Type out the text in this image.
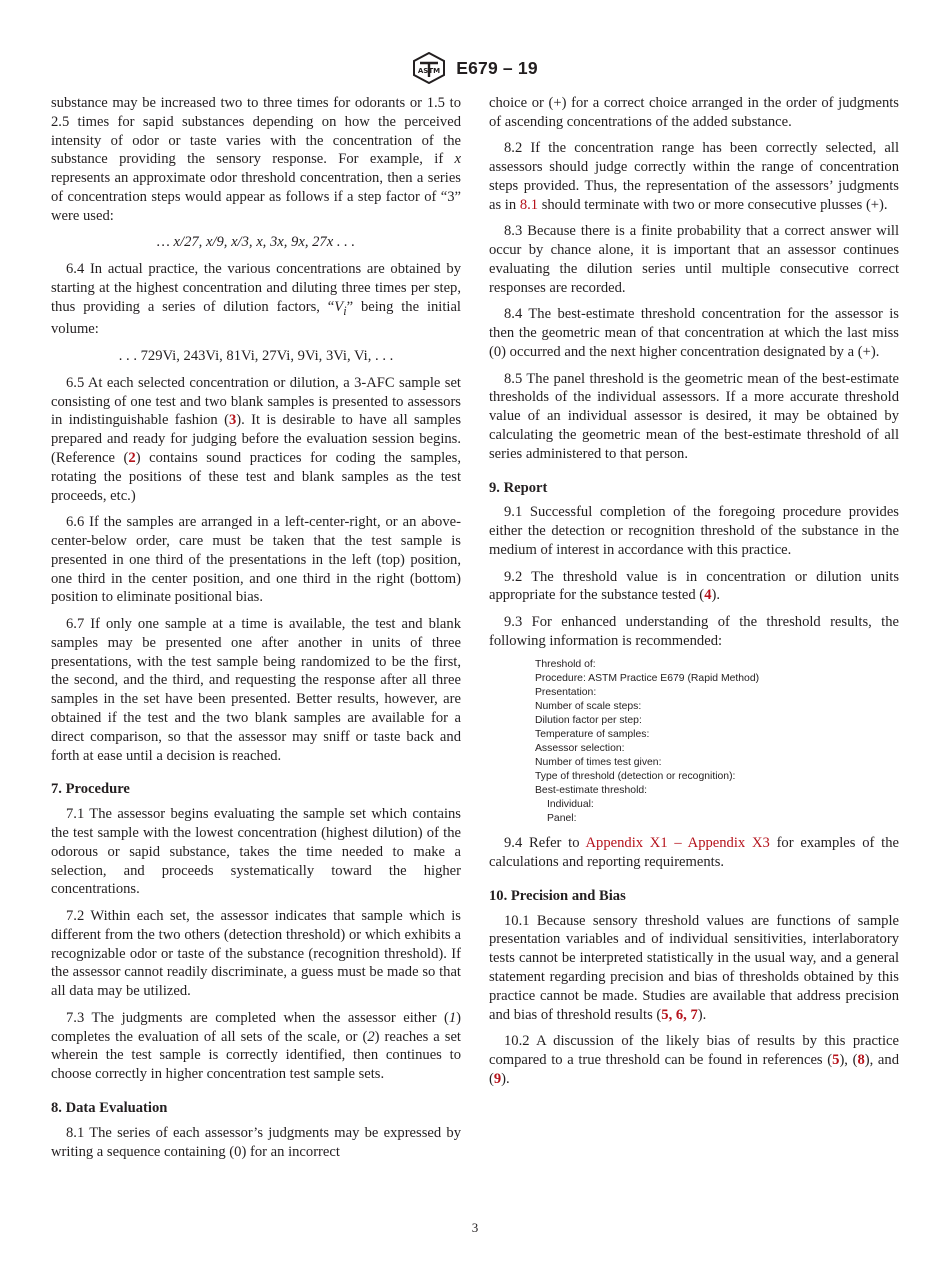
ASTM E679 – 19

substance may be increased two to three times for odorants or 1.5 to 2.5 times for sapid substances depending on how the perceived intensity of odor or taste varies with the concentration of the substance providing the sensory response. For example, if x represents an approximate odor threshold concentration, then a series of concentration steps would appear as follows if a step factor of “3” were used:

… x/27, x/9, x/3, x, 3x, 9x, 27x . . .

6.4 In actual practice, the various concentrations are obtained by starting at the highest concentration and diluting three times per step, thus providing a series of dilution factors, “$V_i$” being the initial volume:

. . . 729Vi, 243Vi, 81Vi, 27Vi, 9Vi, 3Vi, Vi, . . .

6.5 At each selected concentration or dilution, a 3-AFC sample set consisting of one test and two blank samples is presented to assessors in indistinguishable fashion (3). It is desirable to have all samples prepared and ready for judging before the evaluation session begins. (Reference (2) contains sound practices for coding the samples, rotating the positions of these test and blank samples as the test proceeds, etc.)

6.6 If the samples are arranged in a left-center-right, or an above-center-below order, care must be taken that the test sample is presented in one third of the presentations in the left (top) position, one third in the center position, and one third in the right (bottom) position to eliminate positional bias.

6.7 If only one sample at a time is available, the test and blank samples may be presented one after another in units of three presentations, with the test sample being randomized to be the first, the second, and the third, and requesting the response after all three samples in the set have been presented. Better results, however, are obtained if the test and the two blank samples are available for a direct comparison, so that the assessor may sniff or taste back and forth at ease until a decision is reached.

7. Procedure

7.1 The assessor begins evaluating the sample set which contains the test sample with the lowest concentration (highest dilution) of the odorous or sapid substance, takes the time needed to make a selection, and proceeds systematically toward the higher concentrations.

7.2 Within each set, the assessor indicates that sample which is different from the two others (detection threshold) or which exhibits a recognizable odor or taste of the substance (recognition threshold). If the assessor cannot readily discriminate, a guess must be made so that all data may be utilized.

7.3 The judgments are completed when the assessor either (1) completes the evaluation of all sets of the scale, or (2) reaches a set wherein the test sample is correctly identified, then continues to choose correctly in higher concentration test sample sets.

8. Data Evaluation

8.1 The series of each assessor’s judgments may be expressed by writing a sequence containing (0) for an incorrect

choice or (+) for a correct choice arranged in the order of judgments of ascending concentrations of the added substance.

8.2 If the concentration range has been correctly selected, all assessors should judge correctly within the range of concentration steps provided. Thus, the representation of the assessors’ judgments as in 8.1 should terminate with two or more consecutive plusses (+).

8.3 Because there is a finite probability that a correct answer will occur by chance alone, it is important that an assessor continues evaluating the dilution series until multiple consecutive correct responses are recorded.

8.4 The best-estimate threshold concentration for the assessor is then the geometric mean of that concentration at which the last miss (0) occurred and the next higher concentration designated by a (+).

8.5 The panel threshold is the geometric mean of the best-estimate thresholds of the individual assessors. If a more accurate threshold value of an individual assessor is desired, it may be obtained by calculating the geometric mean of the best-estimate threshold of all series administered to that person.

9. Report

9.1 Successful completion of the foregoing procedure provides either the detection or recognition threshold of the substance in the medium of interest in accordance with this practice.

9.2 The threshold value is in concentration or dilution units appropriate for the substance tested (4).

9.3 For enhanced understanding of the threshold results, the following information is recommended:

Threshold of:
Procedure: ASTM Practice E679 (Rapid Method)
Presentation:
Number of scale steps:
Dilution factor per step:
Temperature of samples:
Assessor selection:
Number of times test given:
Type of threshold (detection or recognition):
Best-estimate threshold:
Individual:
Panel:

9.4 Refer to Appendix X1 – Appendix X3 for examples of the calculations and reporting requirements.

10. Precision and Bias

10.1 Because sensory threshold values are functions of sample presentation variables and of individual sensitivities, interlaboratory tests cannot be interpreted statistically in the usual way, and a general statement regarding precision and bias of thresholds obtained by this practice cannot be made. Studies are available that address precision and bias of threshold results (5, 6, 7).

10.2 A discussion of the likely bias of results by this practice compared to a true threshold can be found in references (5), (8), and (9).

3
